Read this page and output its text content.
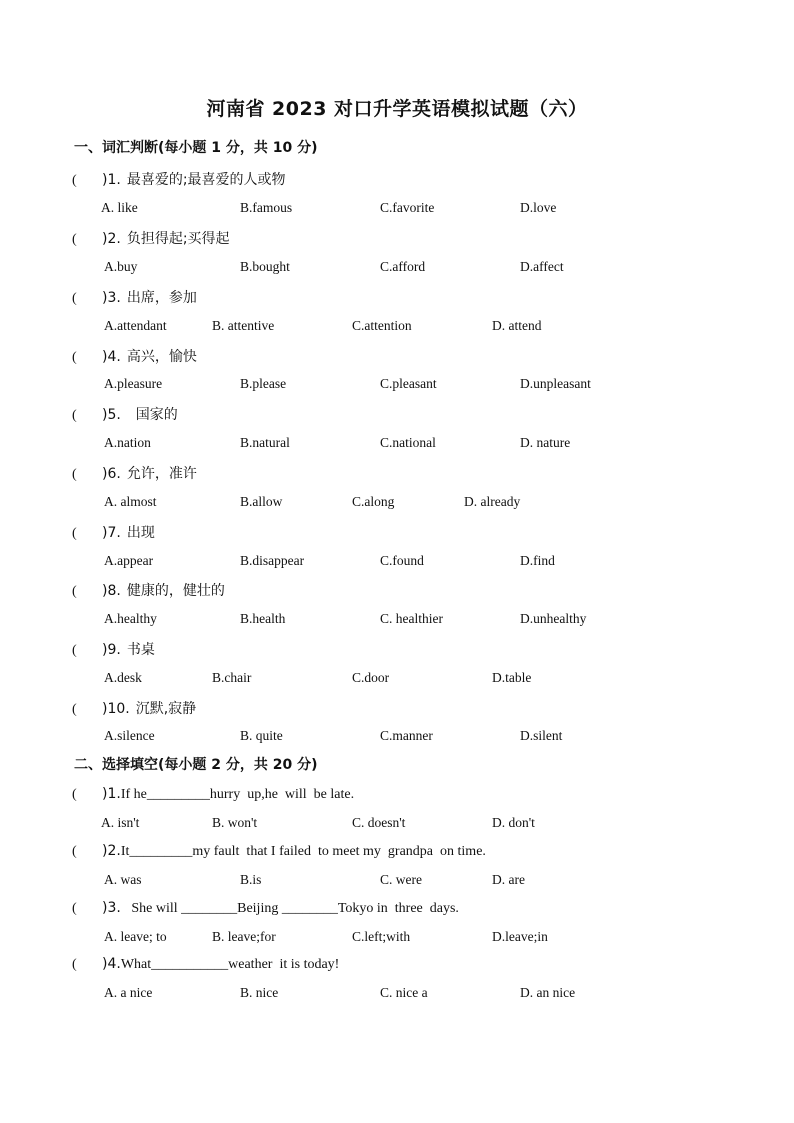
河南省 2023 对口升学英语模拟试题（六）
一、词汇判断(每小题 1 分，共 10 分)
二、选择填空(每小题 2 分，共 20 分)
( )1. 最喜爱的;最喜爱的人或物
A. like	B.famous	C.favorite	D.love
( )2. 负担得起;买得起
A.buy	B.bought	C.afford	D.affect
( )3. 出席，参加
A.attendant	B. attentive	C.attention	D. attend
( )4. 高兴，愉快
A.pleasure	B.please	C.pleasant	D.unpleasant
( )5.  国家的
A.nation	B.natural	C.national	D. nature
( )6. 允许，准许
A. almost	B.allow	C.along	D. already
( )7. 出现
A.appear	B.disappear	C.found	D.find
( )8. 健康的，健壮的
A.healthy	B.health	C. healthier	D.unhealthy
( )9. 书桌
A.desk	B.chair	C.door	D.table
( )10. 沉默,寂静
A.silence	B. quite	C.manner	D.silent
( )1.If he_________hurry  up,he  will  be late.
A. isn't	B. won't	C. doesn't	D. don't
( )2.It_________my fault  that I failed  to meet my  grandpa  on time.
A. was	B.is	C. were	D. are
( )3.   She will ________Beijing ________Tokyo in  three  days.
A. leave; to	B. leave;for	C.left;with	D.leave;in
( )4.What___________weather  it is today!
A. a nice	B. nice	C. nice a	D. an nice
